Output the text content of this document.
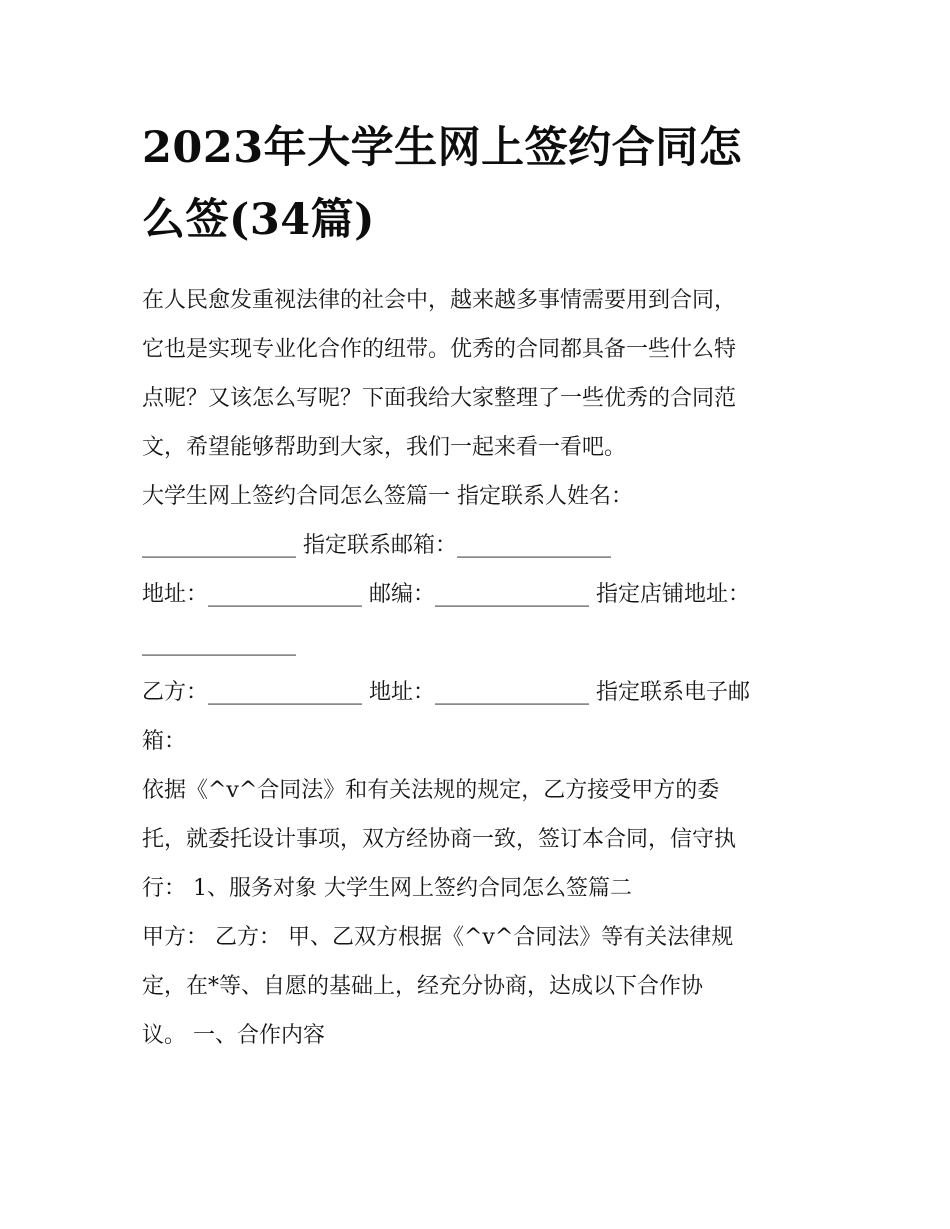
2023年大学生网上签约合同怎
么签(34篇)
在人民愈发重视法律的社会中，越来越多事情需要用到合同，
它也是实现专业化合作的纽带。优秀的合同都具备一些什么特
点呢？又该怎么写呢？下面我给大家整理了一些优秀的合同范
文，希望能够帮助到大家，我们一起来看一看吧。
大学生网上签约合同怎么签篇一 指定联系人姓名：
______________ 指定联系邮箱：______________
地址：______________ 邮编：______________ 指定店铺地址：
______________
乙方：______________ 地址：______________ 指定联系电子邮
箱：
依据《^v^合同法》和有关法规的规定，乙方接受甲方的委
托，就委托设计事项，双方经协商一致，签订本合同，信守执
行： 1、服务对象 大学生网上签约合同怎么签篇二
甲方： 乙方： 甲、乙双方根据《^v^合同法》等有关法律规
定，在*等、自愿的基础上，经充分协商，达成以下合作协
议。 一、合作内容
